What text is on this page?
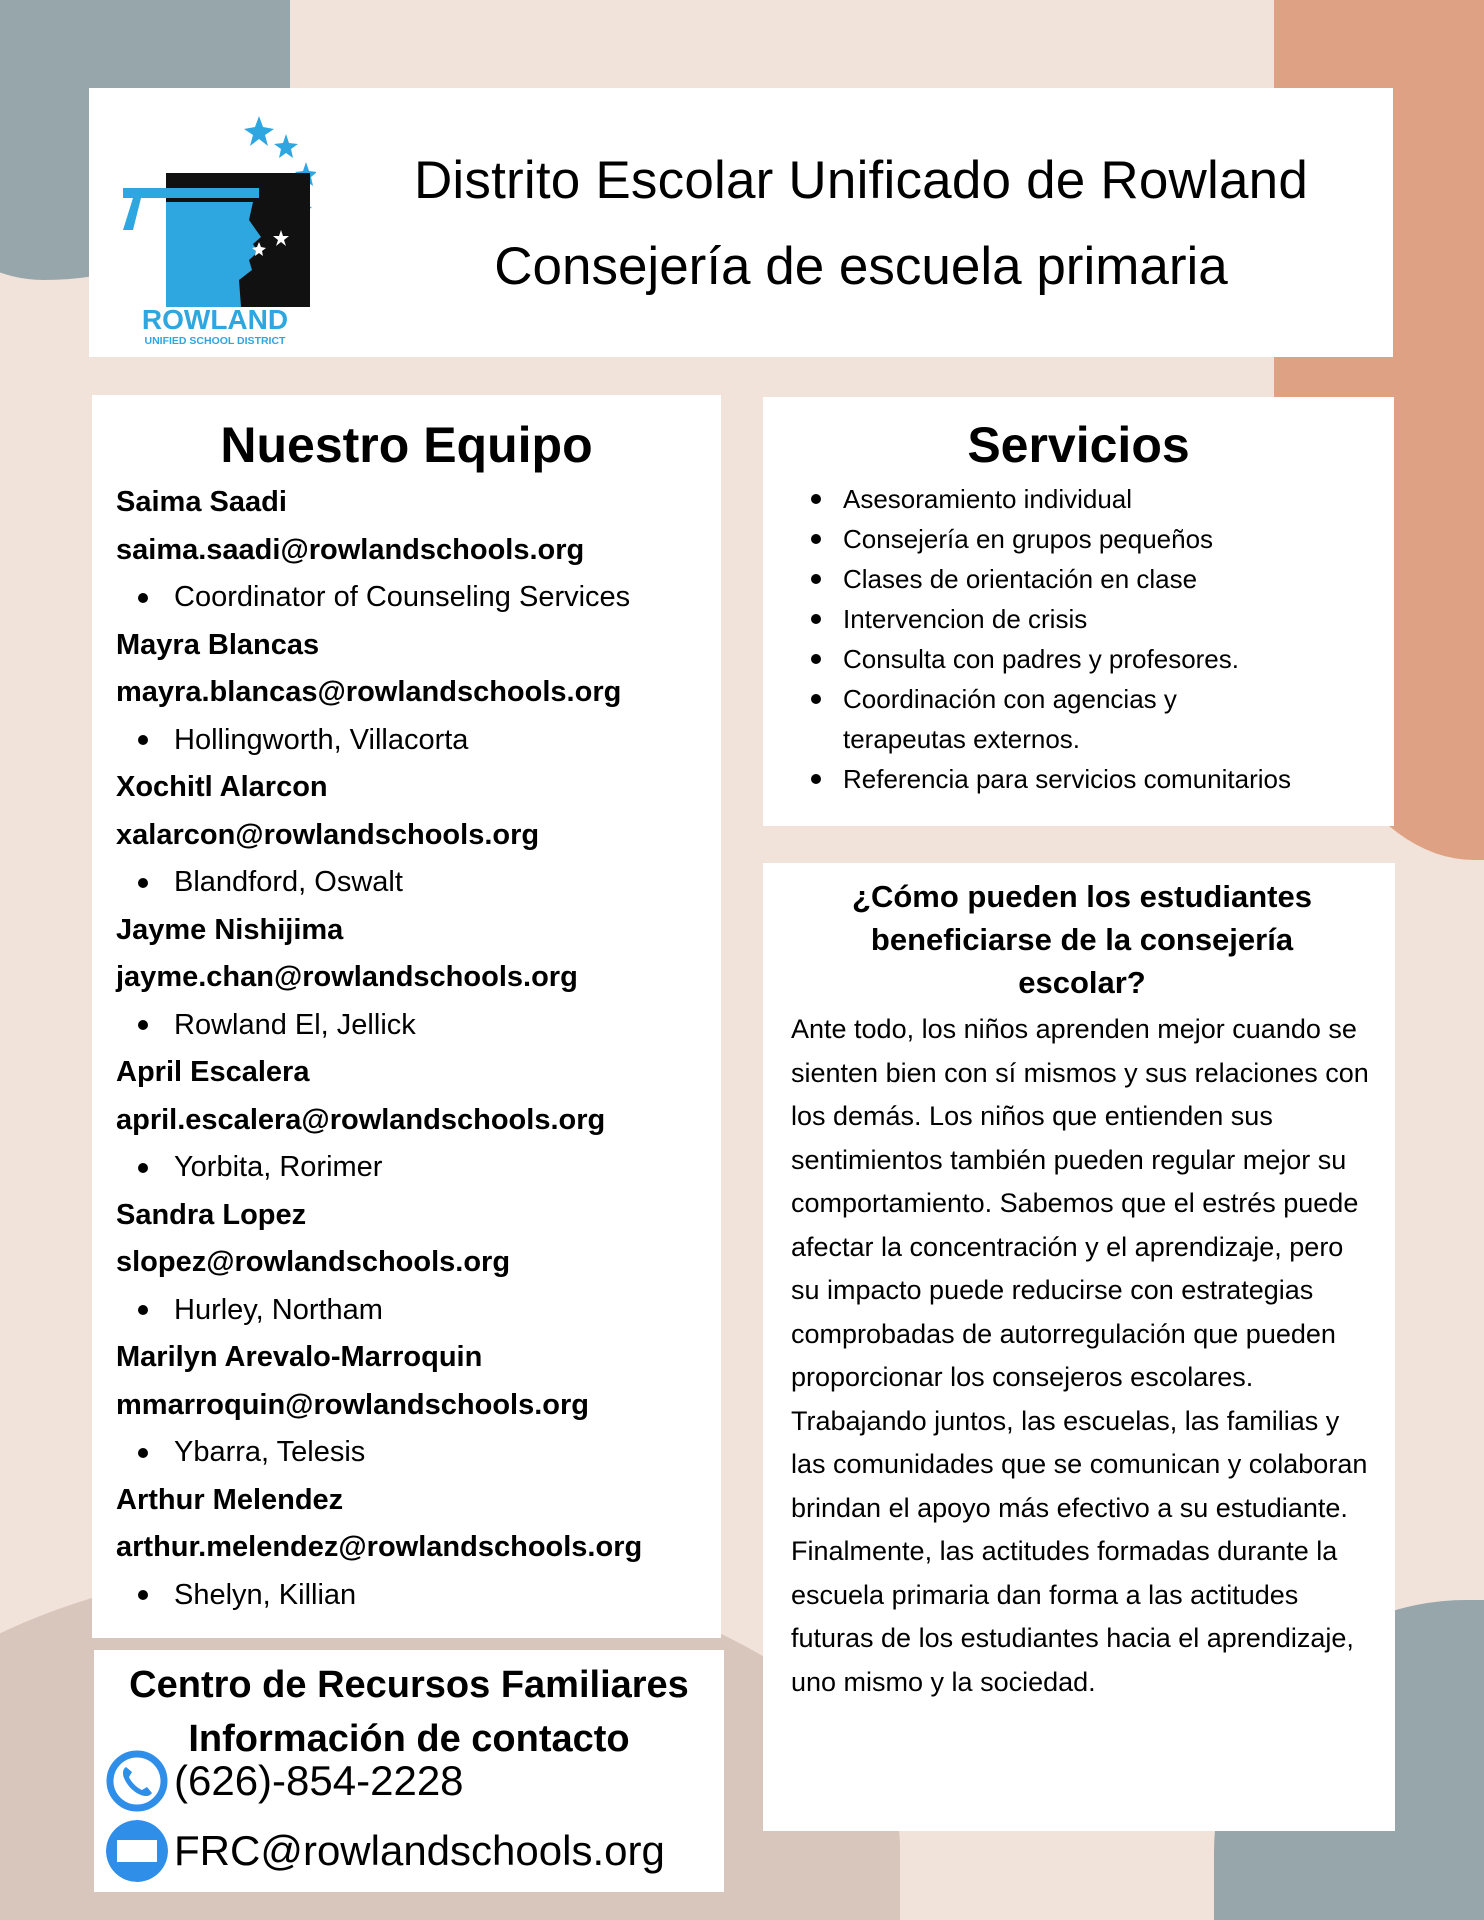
ROWLAND
UNIFIED SCHOOL DISTRICT
Distrito Escolar Unificado de Rowland
Consejería de escuela primaria
Nuestro Equipo
Saima Saadi
saima.saadi@rowlandschools.org
Coordinator of Counseling Services
Mayra Blancas
mayra.blancas@rowlandschools.org
Hollingworth, Villacorta
Xochitl Alarcon
xalarcon@rowlandschools.org
Blandford, Oswalt
Jayme Nishijima
jayme.chan@rowlandschools.org
Rowland El, Jellick
April Escalera
april.escalera@rowlandschools.org
Yorbita, Rorimer
Sandra Lopez
slopez@rowlandschools.org
Hurley, Northam
Marilyn Arevalo-Marroquin
mmarroquin@rowlandschools.org
Ybarra, Telesis
Arthur Melendez
arthur.melendez@rowlandschools.org
Shelyn, Killian
Servicios
Asesoramiento individual
Consejería en grupos pequeños
Clases de orientación en clase
Intervencion de crisis
Consulta con padres y profesores.
Coordinación con agencias y terapeutas externos.
Referencia para servicios comunitarios
¿Cómo pueden los estudiantes beneficiarse de la consejería escolar?

Ante todo, los niños aprenden mejor cuando se sienten bien con sí mismos y sus relaciones con los demás. Los niños que entienden sus sentimientos también pueden regular mejor su comportamiento. Sabemos que el estrés puede afectar la concentración y el aprendizaje, pero su impacto puede reducirse con estrategias comprobadas de autorregulación que pueden proporcionar los consejeros escolares. Trabajando juntos, las escuelas, las familias y las comunidades que se comunican y colaboran brindan el apoyo más efectivo a su estudiante. Finalmente, las actitudes formadas durante la escuela primaria dan forma a las actitudes futuras de los estudiantes hacia el aprendizaje, uno mismo y la sociedad.

Centro de Recursos Familiares
Información de contacto
(626)-854-2228
FRC@rowlandschools.org
